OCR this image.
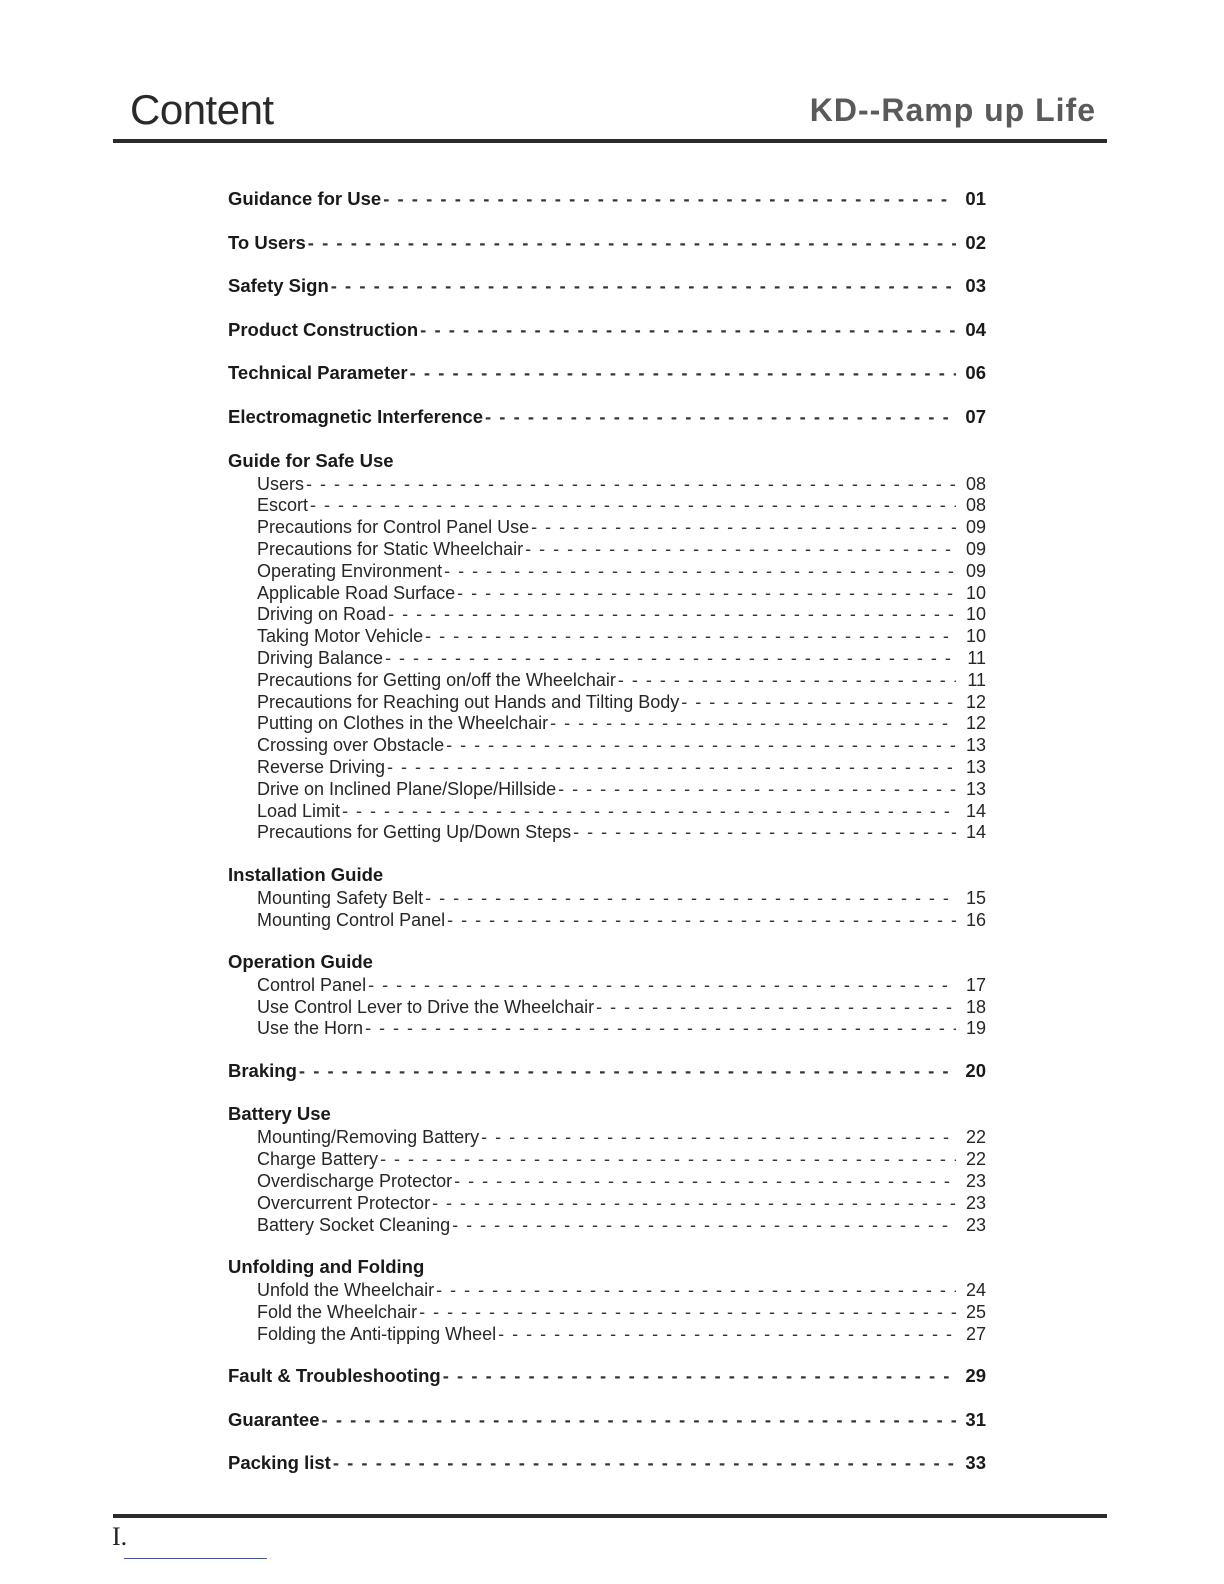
Content	KD--Ramp up Life
Guidance for Use - - -	01
To Users - - -	02
Safety Sign - - -	03
Product Construction - - -	04
Technical Parameter - - -	06
Electromagnetic Interference - - -	07
Guide for Safe Use
Users - - -	08
Escort - - -	08
Precautions for Control Panel Use - - -	09
Precautions for Static Wheelchair - - -	09
Operating Environment - - -	09
Applicable Road Surface - - -	10
Driving on Road - - -	10
Taking Motor Vehicle - - -	10
Driving Balance - - -	11
Precautions for Getting on/off the Wheelchair - - -	11
Precautions for Reaching out Hands and Tilting Body - - -	12
Putting on Clothes in the Wheelchair - - -	12
Crossing over Obstacle - - -	13
Reverse Driving - - -	13
Drive on Inclined Plane/Slope/Hillside - - -	13
Load Limit - - -	14
Precautions for Getting Up/Down Steps - - -	14
Installation Guide
Mounting Safety Belt - - -	15
Mounting Control Panel - - -	16
Operation Guide
Control Panel - - -	17
Use Control Lever to Drive the Wheelchair - - -	18
Use the Horn - - -	19
Braking - - -	20
Battery Use
Mounting/Removing Battery - - -	22
Charge Battery - - -	22
Overdischarge Protector - - -	23
Overcurrent Protector - - -	23
Battery Socket Cleaning - - -	23
Unfolding and Folding
Unfold the Wheelchair - - -	24
Fold the Wheelchair - - -	25
Folding the Anti-tipping Wheel - - -	27
Fault & Troubleshooting - - -	29
Guarantee - - -	31
Packing list - - -	33
I.
